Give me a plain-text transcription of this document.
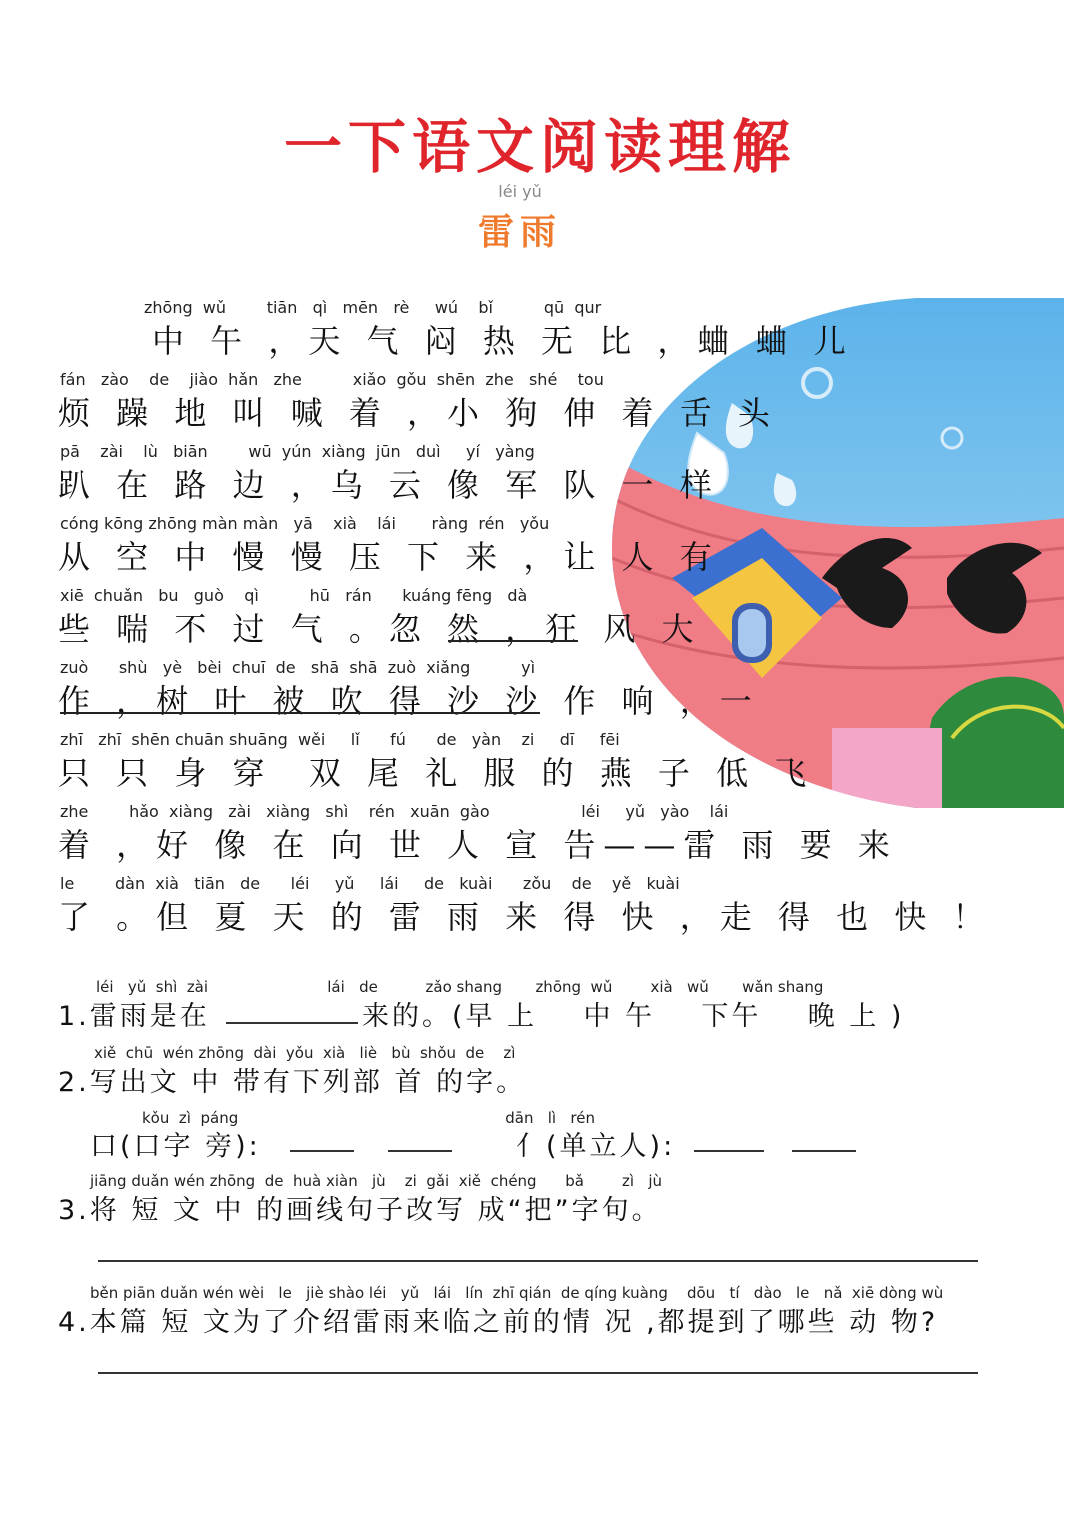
一下语文阅读理解
léi yǔ
雷雨
zhōng  wǔ        tiān   qì   mēn   rè     wú    bǐ          qū  qur
中 午 ，天 气 闷 热 无 比 ，蛐 蛐 儿
fán   zào    de    jiào  hǎn   zhe          xiǎo  gǒu  shēn  zhe   shé    tou
烦 躁 地 叫 喊 着 ，小 狗 伸 着 舌 头
pā    zài    lù   biān        wū  yún  xiàng  jūn   duì     yí   yàng
趴 在 路 边 ，乌 云 像 军 队 一 样
cóng kōng zhōng màn màn   yā    xià    lái       ràng  rén   yǒu
从 空 中 慢 慢 压 下 来 ，让 人 有
xiē  chuǎn   bu   guò    qì          hū   rán      kuáng fēng   dà
些 喘 不 过 气 。忽 然 ，狂 风 大
zuò      shù   yè   bèi  chuī  de   shā  shā  zuò  xiǎng          yì
作 ，树 叶 被 吹 得 沙 沙 作 响 ，一
zhī   zhī  shēn chuān shuāng  wěi     lǐ      fú      de   yàn    zi     dī     fēi
只 只 身 穿  双 尾 礼 服 的 燕 子 低 飞
zhe        hǎo  xiàng   zài   xiàng   shì    rén   xuān  gào                  léi     yǔ   yào    lái
着 ，好 像 在 向 世 人 宣 告——雷 雨 要 来
le        dàn  xià   tiān   de      léi     yǔ     lái     de   kuài      zǒu    de    yě   kuài
了 。但 夏 天 的 雷 雨 来 得 快 ，走 得 也 快 ！
léi   yǔ  shì  zài                         lái   de          zǎo shang       zhōng  wǔ        xià   wǔ       wǎn shang
1.雷雨是在	来的。(早 上    中 午    下午    晚 上 )
xiě  chū  wén zhōng  dài  yǒu  xià   liè   bù  shǒu  de    zì
2.写出文 中 带有下列部 首 的字。
kǒu  zì  páng                                                        dān   lì   rén
口(口字 旁):	亻(单立人):
jiāng duǎn wén zhōng  de  huà xiàn   jù    zi  gǎi  xiě  chéng      bǎ        zì   jù
3.将 短 文 中 的画线句子改写 成“把”字句。
běn piān duǎn wén wèi   le   jiè shào léi   yǔ   lái   lín  zhī qián  de qíng kuàng    dōu   tí   dào   le   nǎ  xiē dòng wù
4.本篇 短 文为了介绍雷雨来临之前的情 况 ,都提到了哪些 动 物?
